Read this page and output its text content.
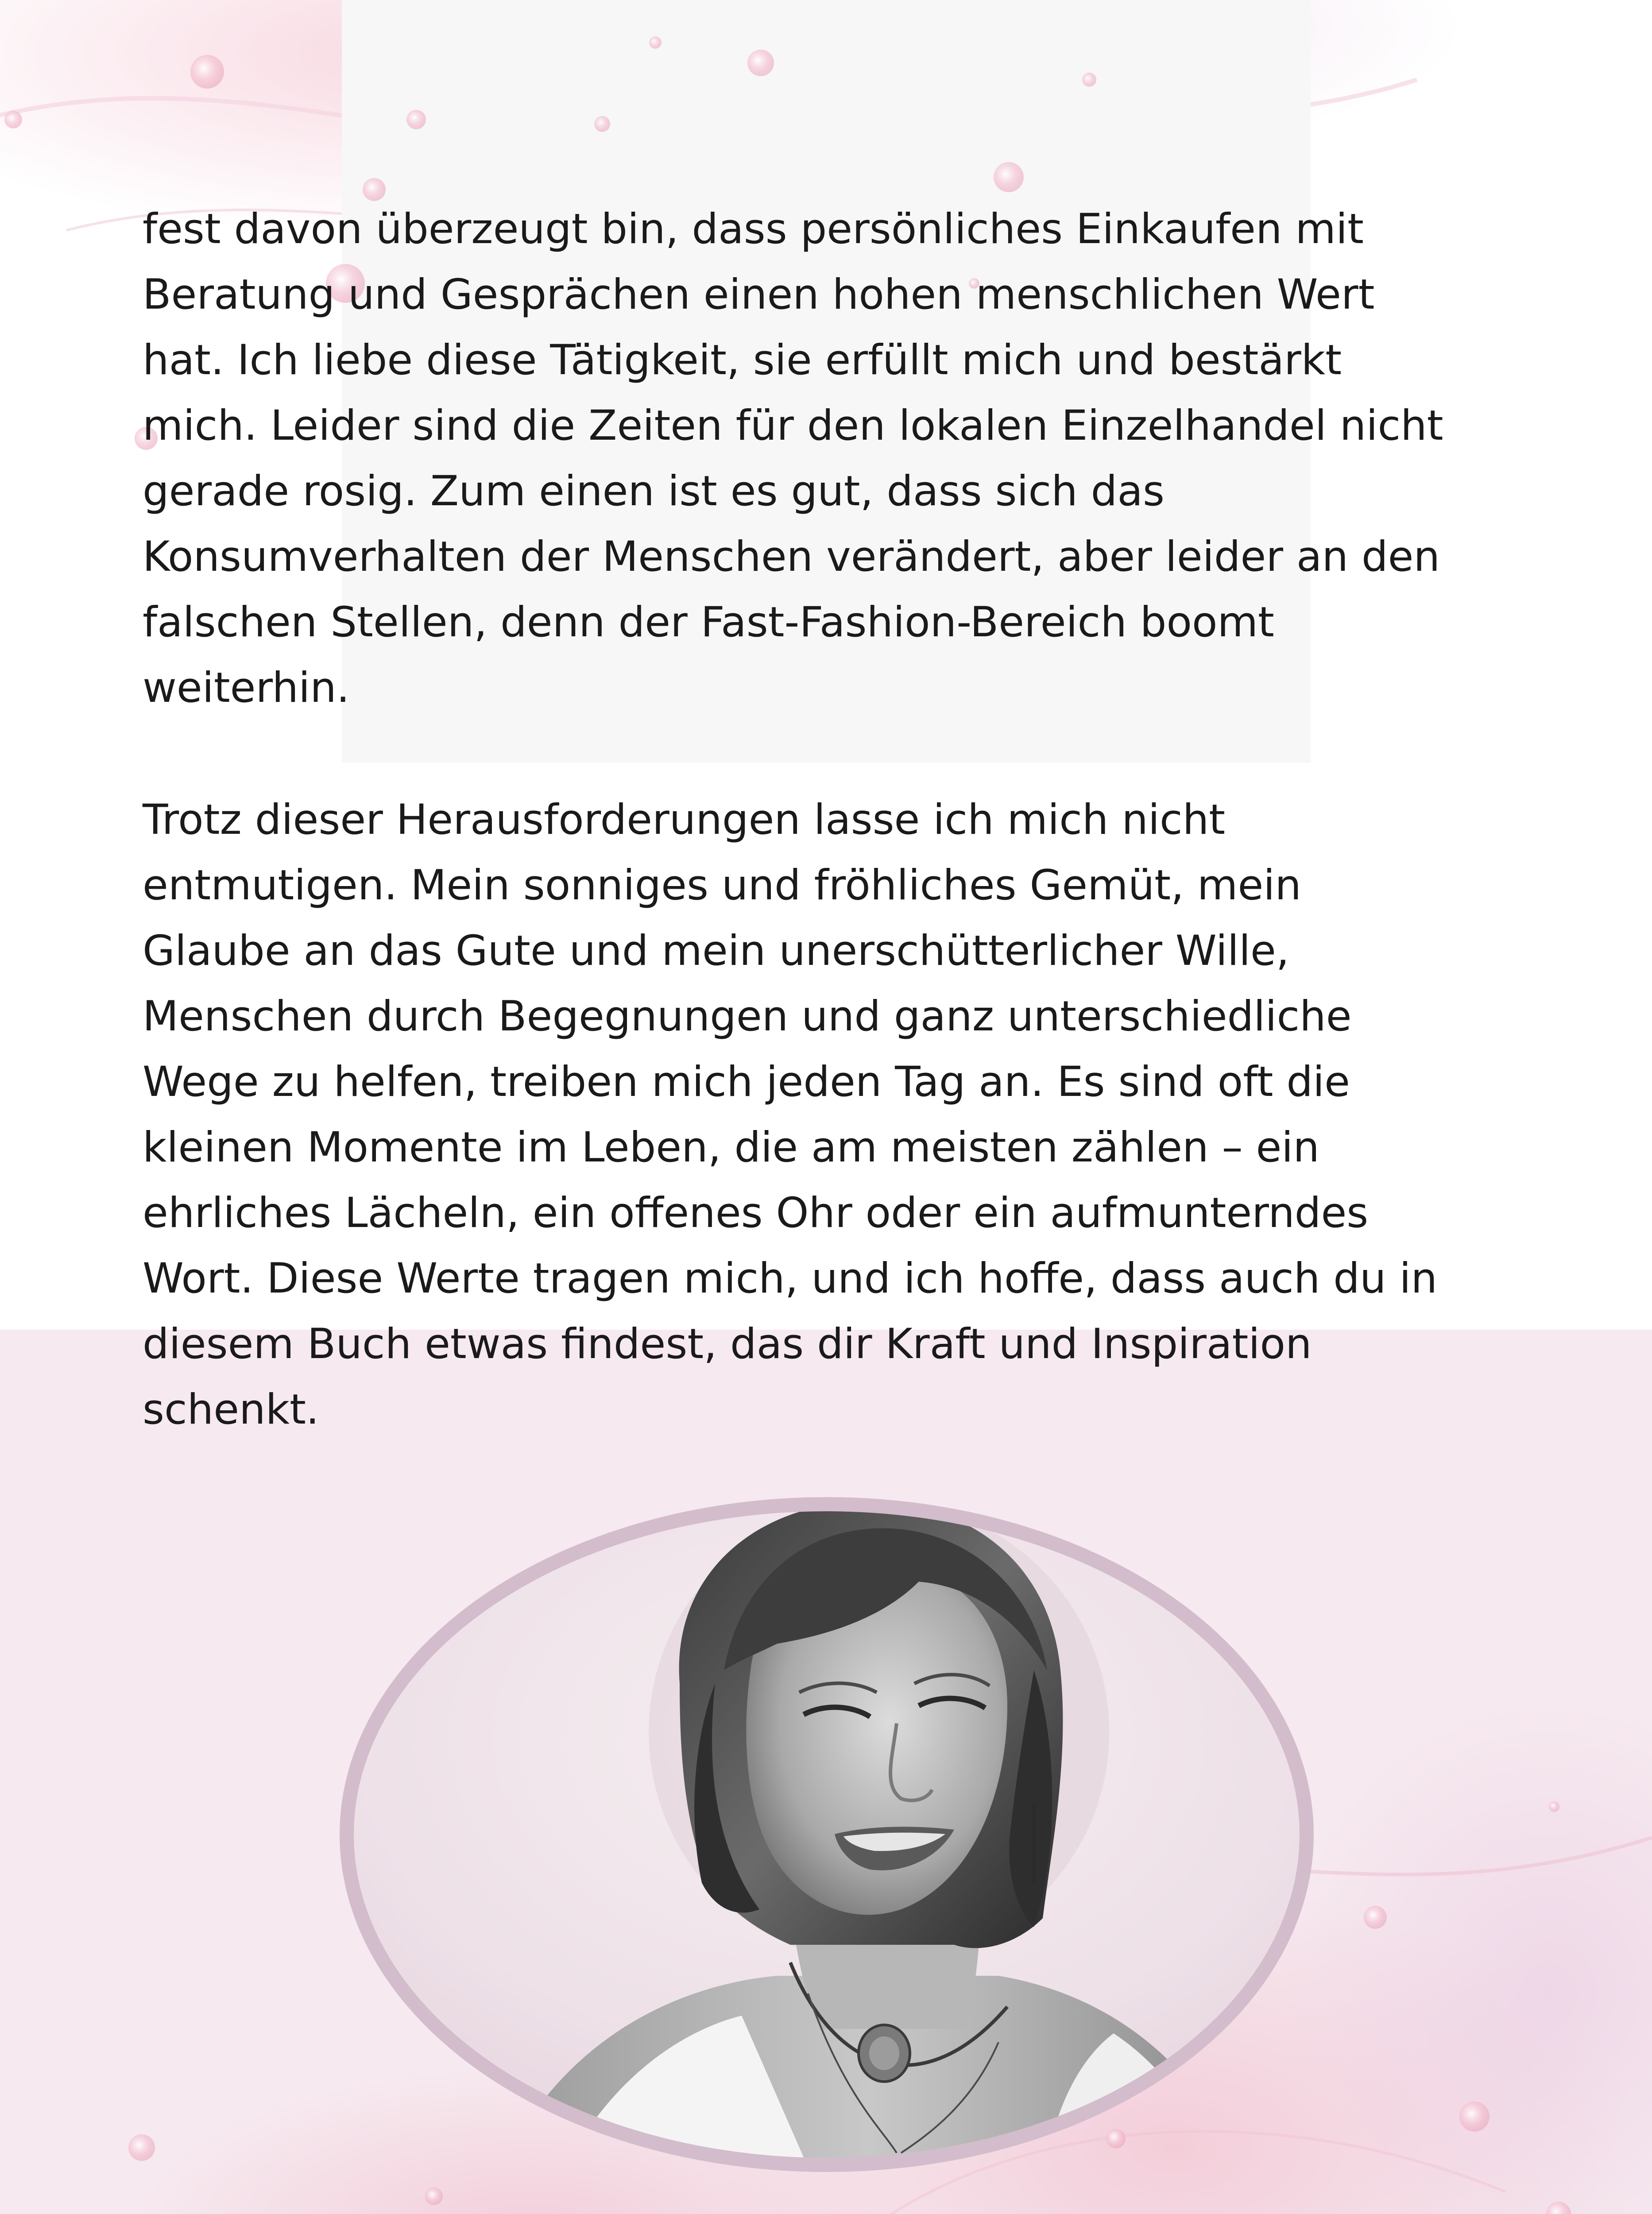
fest davon überzeugt bin, dass persönliches Einkaufen mit
Beratung und Gesprächen einen hohen menschlichen Wert
hat. Ich liebe diese Tätigkeit, sie erfüllt mich und bestärkt
mich. Leider sind die Zeiten für den lokalen Einzelhandel nicht
gerade rosig. Zum einen ist es gut, dass sich das
Konsumverhalten der Menschen verändert, aber leider an den
falschen Stellen, denn der Fast-Fashion-Bereich boomt
weiterhin.
Trotz dieser Herausforderungen lasse ich mich nicht
entmutigen. Mein sonniges und fröhliches Gemüt, mein
Glaube an das Gute und mein unerschütterlicher Wille,
Menschen durch Begegnungen und ganz unterschiedliche
Wege zu helfen, treiben mich jeden Tag an. Es sind oft die
kleinen Momente im Leben, die am meisten zählen – ein
ehrliches Lächeln, ein offenes Ohr oder ein aufmunterndes
Wort. Diese Werte tragen mich, und ich hoffe, dass auch du in
diesem Buch etwas findest, das dir Kraft und Inspiration
schenkt.
